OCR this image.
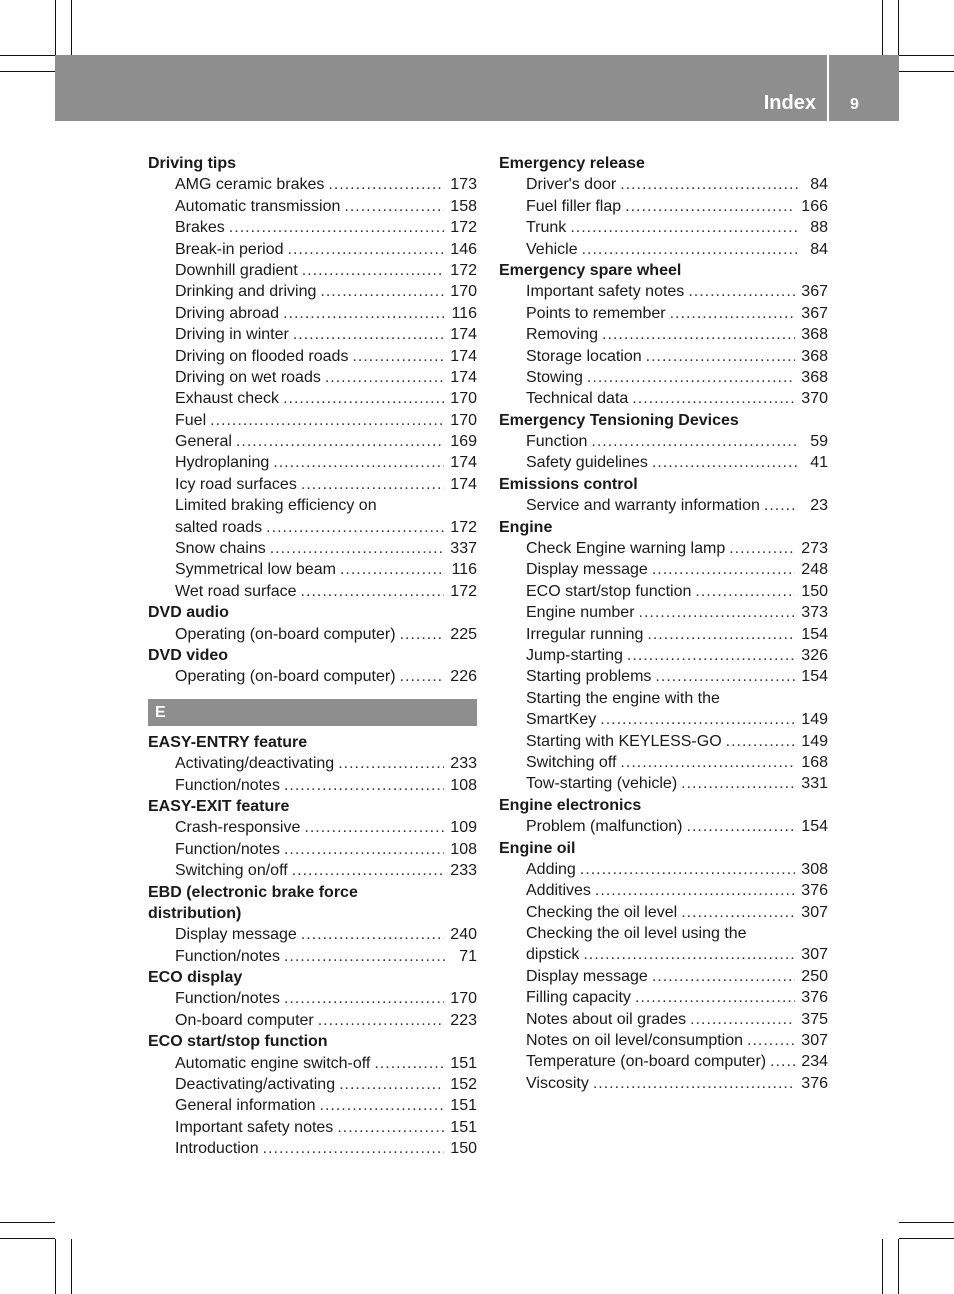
Index 9
Driving tips
AMG ceramic brakes .....	173
Automatic transmission .....	158
Brakes .....	172
Break-in period .....	146
Downhill gradient .....	172
Drinking and driving .....	170
Driving abroad .....	116
Driving in winter .....	174
Driving on flooded roads .....	174
Driving on wet roads .....	174
Exhaust check .....	170
Fuel .....	170
General .....	169
Hydroplaning .....	174
Icy road surfaces .....	174
Limited braking efficiency on
salted roads .....	172
Snow chains .....	337
Symmetrical low beam .....	116
Wet road surface .....	172
DVD audio
Operating (on-board computer) .....	225
DVD video
Operating (on-board computer) .....	226
E
EASY-ENTRY feature
Activating/deactivating .....	233
Function/notes .....	108
EASY-EXIT feature
Crash-responsive .....	109
Function/notes .....	108
Switching on/off .....	233
EBD (electronic brake force distribution)
Display message .....	240
Function/notes .....	71
ECO display
Function/notes .....	170
On-board computer .....	223
ECO start/stop function
Automatic engine switch-off .....	151
Deactivating/activating .....	152
General information .....	151
Important safety notes .....	151
Introduction .....	150
Emergency release
Driver's door .....	84
Fuel filler flap .....	166
Trunk .....	88
Vehicle .....	84
Emergency spare wheel
Important safety notes .....	367
Points to remember .....	367
Removing .....	368
Storage location .....	368
Stowing .....	368
Technical data .....	370
Emergency Tensioning Devices
Function .....	59
Safety guidelines .....	41
Emissions control
Service and warranty information .....	23
Engine
Check Engine warning lamp .....	273
Display message .....	248
ECO start/stop function .....	150
Engine number .....	373
Irregular running .....	154
Jump-starting .....	326
Starting problems .....	154
Starting the engine with the
SmartKey .....	149
Starting with KEYLESS-GO .....	149
Switching off .....	168
Tow-starting (vehicle) .....	331
Engine electronics
Problem (malfunction) .....	154
Engine oil
Adding .....	308
Additives .....	376
Checking the oil level .....	307
Checking the oil level using the
dipstick .....	307
Display message .....	250
Filling capacity .....	376
Notes about oil grades .....	375
Notes on oil level/consumption .....	307
Temperature (on-board computer) ..... 234
Viscosity .....	376
